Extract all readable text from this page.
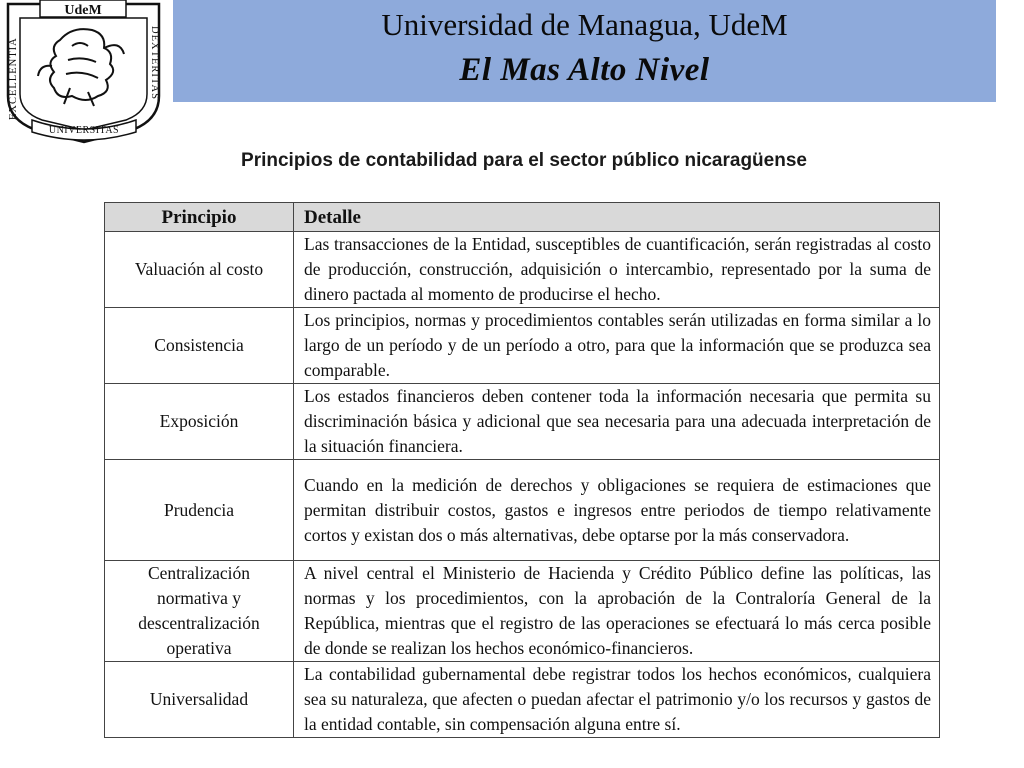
UdeM
EXCELLENTIA	DEXTERITAS
UNIVERSITAS
Universidad de Managua, UdeM
El Mas Alto Nivel
Principios de contabilidad para el sector público nicaragüense
Principio	Detalle
Valuación al costo	Las transacciones de la Entidad, susceptibles de cuantificación, serán registradas al costo de producción, construcción, adquisición o intercambio, representado por la suma de dinero pactada al momento de producirse el hecho.
Consistencia	Los principios, normas y procedimientos contables serán utilizadas en forma similar a lo largo de un período y de un período a otro, para que la información que se produzca sea comparable.
Exposición	Los estados financieros deben contener toda la información necesaria que permita su discriminación básica y adicional que sea necesaria para una adecuada interpretación de la situación financiera.
Prudencia	Cuando en la medición de derechos y obligaciones se requiera de estimaciones que permitan distribuir costos, gastos e ingresos entre periodos de tiempo relativamente cortos y existan dos o más alternativas, debe optarse por la más conservadora.
Centralización normativa y descentralización operativa	A nivel central el Ministerio de Hacienda y Crédito Público define las políticas, las normas y los procedimientos, con la aprobación de la Contraloría General de la República, mientras que el registro de las operaciones se efectuará lo más cerca posible de donde se realizan los hechos económico-financieros.
Universalidad	La contabilidad gubernamental debe registrar todos los hechos económicos, cualquiera sea su naturaleza, que afecten o puedan afectar el patrimonio y/o los recursos y gastos de la entidad contable, sin compensación alguna entre sí.
